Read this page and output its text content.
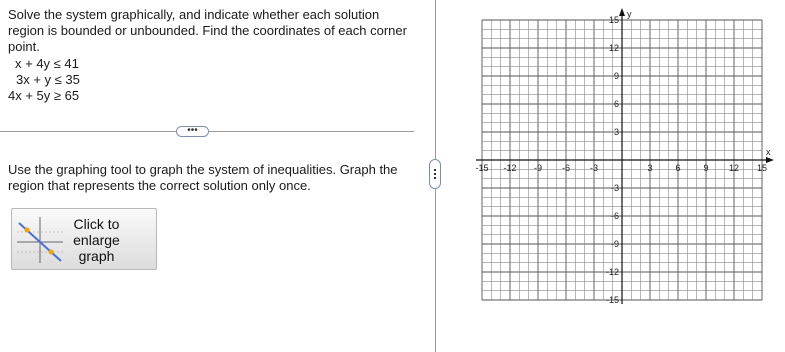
Solve the system graphically, and indicate whether each solution region is bounded or unbounded. Find the coordinates of each corner point.
x + 4y ≤ 41
3x + y ≤ 35
4x + 5y ≥ 65
•••
Use the graphing tool to graph the system of inequalities. Graph the region that represents the correct solution only once.
Click to
enlarge
graph
-15 -12 -9 -6 -3	3	6	9 12 15
15
12
9
6
3
-3
-6
-9
-12
-15
x
y
